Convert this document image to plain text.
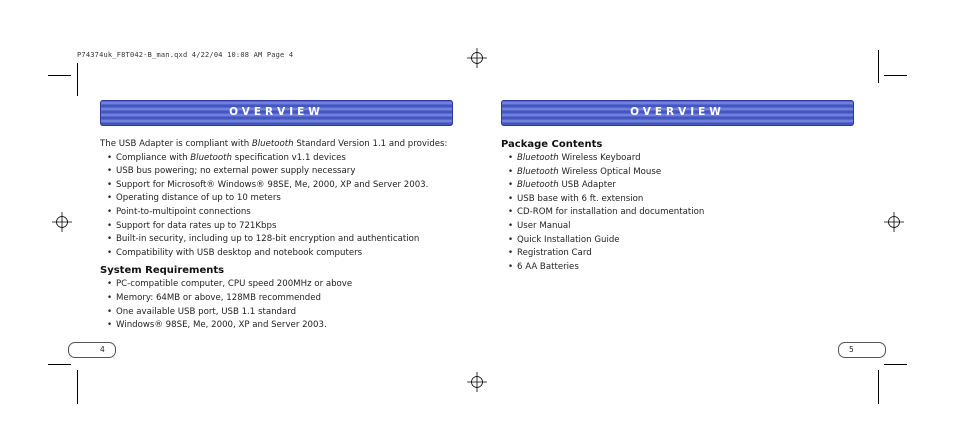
P74374uk_F8T042-B_man.qxd 4/22/04 10:08 AM Page 4
OVERVIEW	OVERVIEW

The USB Adapter is compliant with Bluetooth Standard Version 1.1 and provides:

• Compliance with Bluetooth specification v1.1 devices
• USB bus powering; no external power supply necessary
• Support for Microsoft® Windows® 98SE, Me, 2000, XP and Server 2003.
• Operating distance of up to 10 meters
• Point-to-multipoint connections
• Support for data rates up to 721Kbps
• Built-in security, including up to 128-bit encryption and authentication
• Compatibility with USB desktop and notebook computers
System Requirements
• PC-compatible computer, CPU speed 200MHz or above
• Memory: 64MB or above, 128MB recommended
• One available USB port, USB 1.1 standard
• Windows® 98SE, Me, 2000, XP and Server 2003.
Package Contents
• Bluetooth Wireless Keyboard
• Bluetooth Wireless Optical Mouse
• Bluetooth USB Adapter
• USB base with 6 ft. extension
• CD-ROM for installation and documentation
• User Manual
• Quick Installation Guide
• Registration Card
• 6 AA Batteries
4	5
